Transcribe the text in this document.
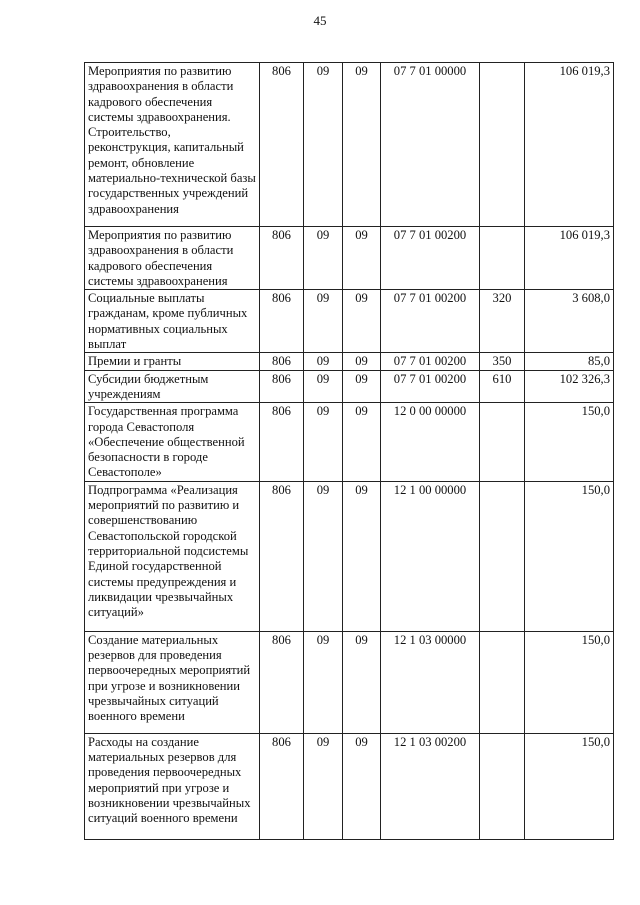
45
Мероприятия по развитию здравоохранения в области кадрового обеспечения системы здравоохранения. Строительство, реконструкция, капитальный ремонт, обновление материально-технической базы государственных учреждений здравоохранения	806	09	09	07 7 01 00000		106 019,3
Мероприятия по развитию здравоохранения в области кадрового обеспечения системы здравоохранения	806	09	09	07 7 01 00200		106 019,3
Социальные выплаты гражданам, кроме публичных нормативных социальных выплат	806	09	09	07 7 01 00200	320	3 608,0
Премии и гранты	806	09	09	07 7 01 00200	350	85,0
Субсидии бюджетным учреждениям	806	09	09	07 7 01 00200	610	102 326,3
Государственная программа города Севастополя «Обеспечение общественной безопасности в городе Севастополе»	806	09	09	12 0 00 00000		150,0
Подпрограмма «Реализация мероприятий по развитию и совершенствованию Севастопольской городской территориальной подсистемы Единой государственной системы предупреждения и ликвидации чрезвычайных ситуаций»	806	09	09	12 1 00 00000		150,0
Создание материальных резервов для проведения первоочередных мероприятий при угрозе и возникновении чрезвычайных ситуаций военного времени	806	09	09	12 1 03 00000		150,0
Расходы на создание материальных резервов для проведения первоочередных мероприятий при угрозе и возникновении чрезвычайных ситуаций военного времени	806	09	09	12 1 03 00200		150,0
